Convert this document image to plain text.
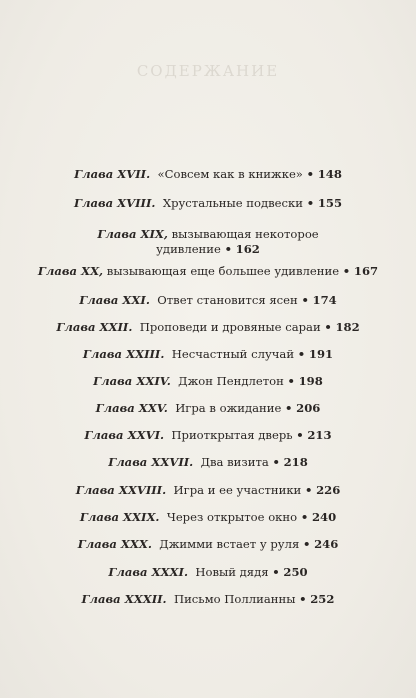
СОДЕРЖАНИЕ
Глава XVII. «Совсем как в книжке» • 148
Глава XVIII. Хрустальные подвески • 155
Глава XIX, вызывающая некоторое
удивление • 162
Глава XX, вызывающая еще большее удивление • 167
Глава XXI. Ответ становится ясен • 174
Глава XXII. Проповеди и дровяные сараи • 182
Глава XXIII. Несчастный случай • 191
Глава XXIV. Джон Пендлетон • 198
Глава XXV. Игра в ожидание • 206
Глава XXVI. Приоткрытая дверь • 213
Глава XXVII. Два визита • 218
Глава XXVIII. Игра и ее участники • 226
Глава XXIX. Через открытое окно • 240
Глава XXX. Джимми встает у руля • 246
Глава XXXI. Новый дядя • 250
Глава XXXII. Письмо Поллианны • 252
